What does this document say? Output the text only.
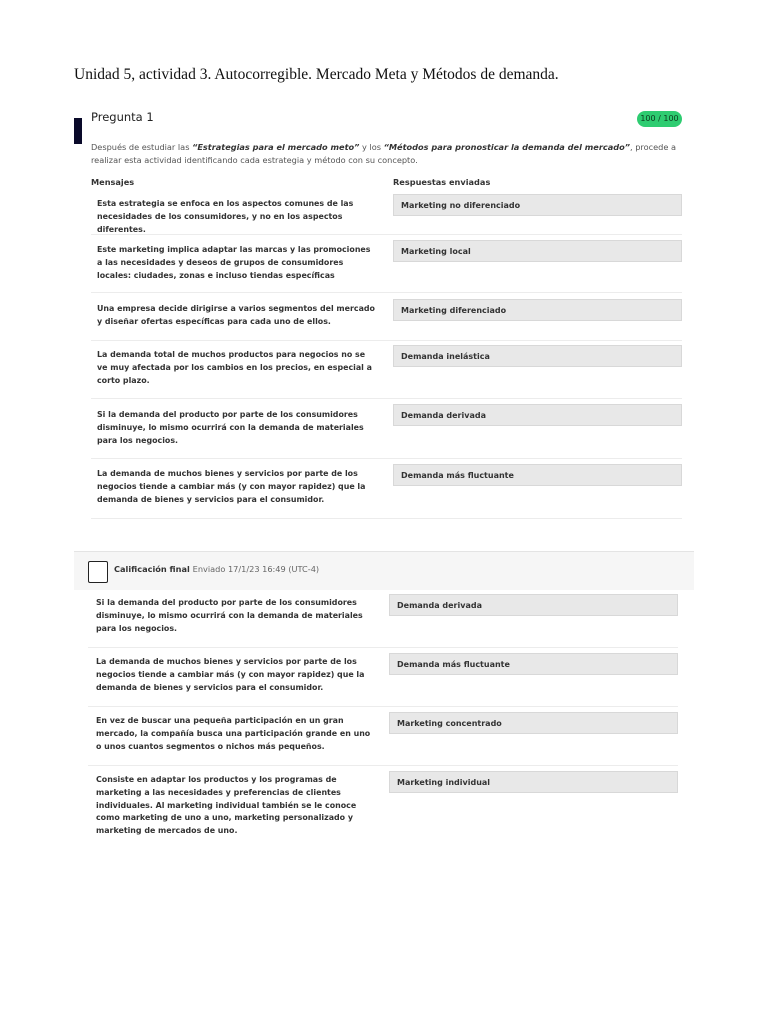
Unidad 5, actividad 3. Autocorregible. Mercado Meta y Métodos de demanda.
Pregunta 1	100 / 100
Después de estudiar las “Estrategias para el mercado meto” y los “Métodos para pronosticar la demanda del mercado”, procede a realizar esta actividad identificando cada estrategia y método con su concepto.
Mensajes	Respuestas enviadas
Esta estrategia se enfoca en los aspectos comunes de las necesidades de los consumidores, y no en los aspectos diferentes.
Marketing no diferenciado
Este marketing implica adaptar las marcas y las promociones a las necesidades y deseos de grupos de consumidores locales: ciudades, zonas e incluso tiendas específicas
Marketing local
Una empresa decide dirigirse a varios segmentos del mercado y diseñar ofertas específicas para cada uno de ellos.
Marketing diferenciado
La demanda total de muchos productos para negocios no se ve muy afectada por los cambios en los precios, en especial a corto plazo.
Demanda inelástica
Si la demanda del producto por parte de los consumidores disminuye, lo mismo ocurrirá con la demanda de materiales para los negocios.
Demanda derivada
La demanda de muchos bienes y servicios por parte de los negocios tiende a cambiar más (y con mayor rapidez) que la demanda de bienes y servicios para el consumidor.
Demanda más fluctuante
Calificación final Enviado 17/1/23 16:49 (UTC-4)
Si la demanda del producto por parte de los consumidores disminuye, lo mismo ocurrirá con la demanda de materiales para los negocios.
Demanda derivada
La demanda de muchos bienes y servicios por parte de los negocios tiende a cambiar más (y con mayor rapidez) que la demanda de bienes y servicios para el consumidor.
Demanda más fluctuante
En vez de buscar una pequeña participación en un gran mercado, la compañía busca una participación grande en uno o unos cuantos segmentos o nichos más pequeños.
Marketing concentrado
Consiste en adaptar los productos y los programas de marketing a las necesidades y preferencias de clientes individuales. Al marketing individual también se le conoce como marketing de uno a uno, marketing personalizado y marketing de mercados de uno.
Marketing individual
